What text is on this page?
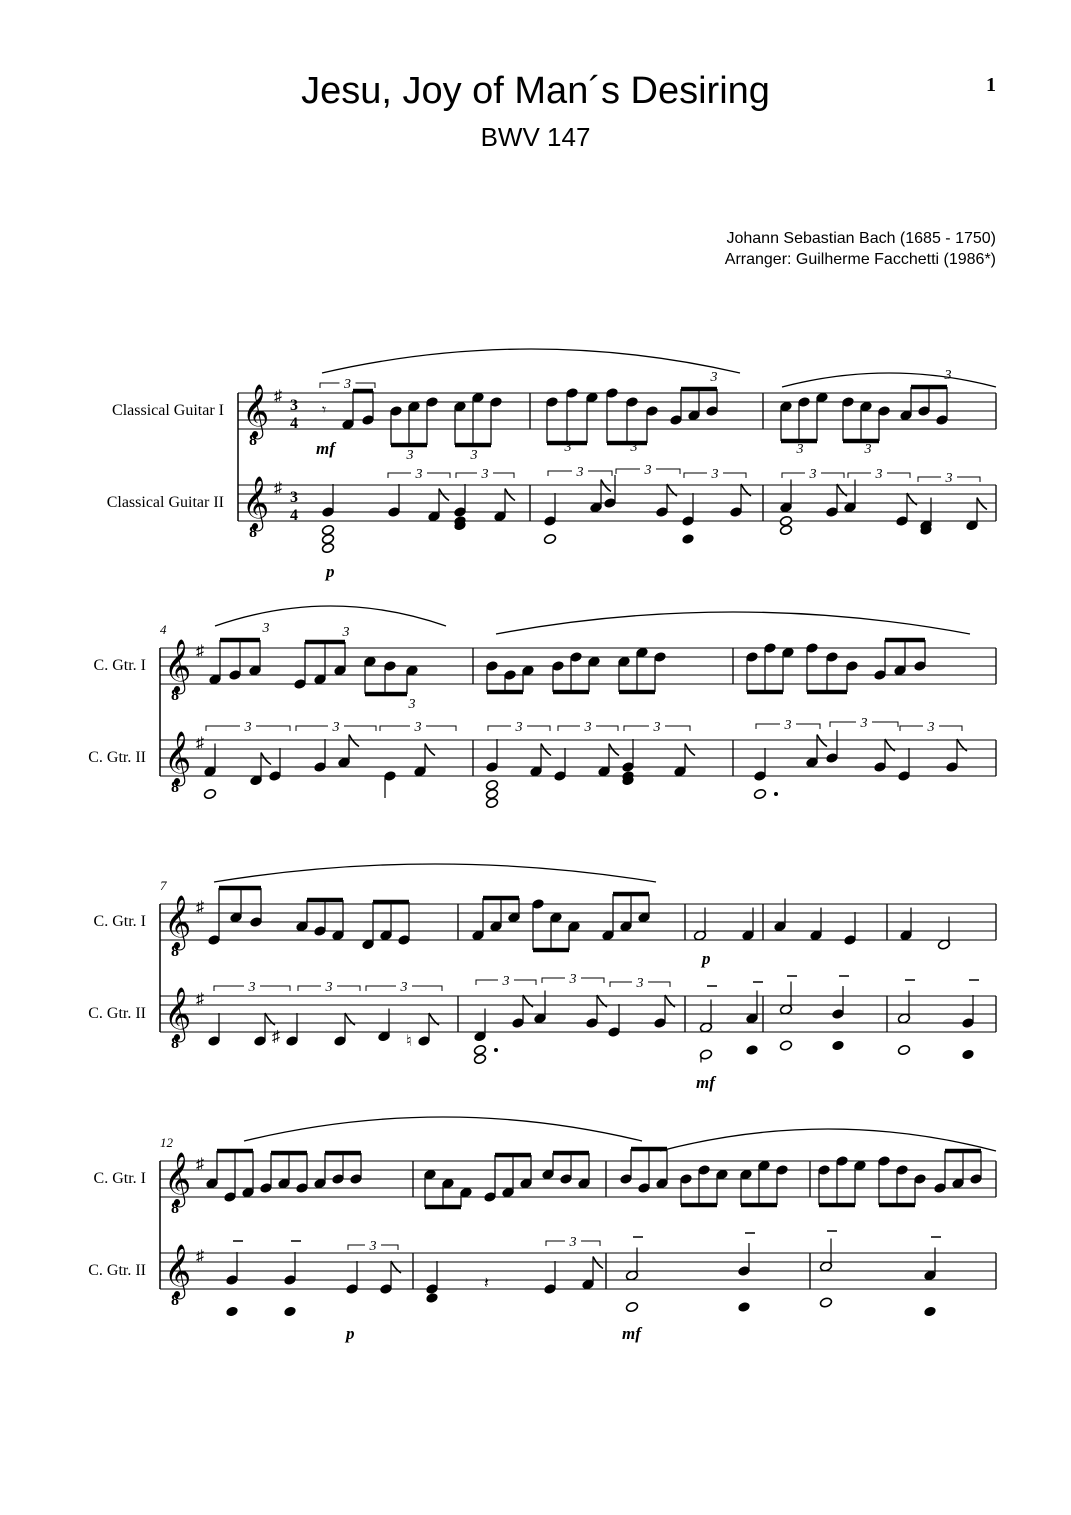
Jesu, Joy of Man´s Desiring
BWV 147
1
Johann Sebastian Bach (1685 - 1750)
Arranger: Guilherme Facchetti (1986*)
Classical Guitar I
Classical Guitar II
𝄞
8
𝄞
8
♯
♯
3
4
3
4
C. Gtr. I
C. Gtr. II
𝄞
8
𝄞
8
♯
♯
4
C. Gtr. I
C. Gtr. II
𝄞
8
𝄞
8
♯
♯
7
C. Gtr. I
C. Gtr. II
𝄞
8
𝄞
8
♯
♯
12
𝄾
3
3	3
3	3
3
3	3
3
mf
3	3
p
3	3	3	3	3	3
3	3
3
3	3	3	3	3	3	3	3	3
p
♯	♮
3	3	3	3	3	3
mf
3
p
𝄽
3
mf
